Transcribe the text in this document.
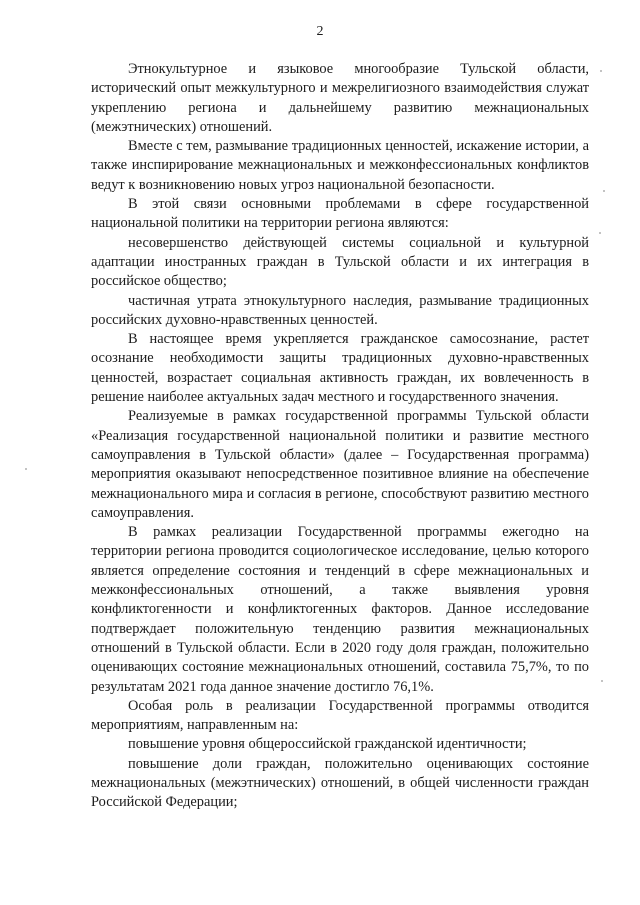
2

Этнокультурное и языковое многообразие Тульской области, исторический опыт межкультурного и межрелигиозного взаимодействия служат укреплению региона и дальнейшему развитию межнациональных (межэтнических) отношений.

Вместе с тем, размывание традиционных ценностей, искажение истории, а также инспирирование межнациональных и межконфессиональных конфликтов ведут к возникновению новых угроз национальной безопасности.

В этой связи основными проблемами в сфере государственной национальной политики на территории региона являются:

несовершенство действующей системы социальной и культурной адаптации иностранных граждан в Тульской области и их интеграция в российское общество;

частичная утрата этнокультурного наследия, размывание традиционных российских духовно-нравственных ценностей.

В настоящее время укрепляется гражданское самосознание, растет осознание необходимости защиты традиционных духовно-нравственных ценностей, возрастает социальная активность граждан, их вовлеченность в решение наиболее актуальных задач местного и государственного значения.

Реализуемые в рамках государственной программы Тульской области «Реализация государственной национальной политики и развитие местного самоуправления в Тульской области» (далее – Государственная программа) мероприятия оказывают непосредственное позитивное влияние на обеспечение межнационального мира и согласия в регионе, способствуют развитию местного самоуправления.

В рамках реализации Государственной программы ежегодно на территории региона проводится социологическое исследование, целью которого является определение состояния и тенденций в сфере межнациональных и межконфессиональных отношений, а также выявления уровня конфликтогенности и конфликтогенных факторов. Данное исследование подтверждает положительную тенденцию развития межнациональных отношений в Тульской области. Если в 2020 году доля граждан, положительно оценивающих состояние межнациональных отношений, составила 75,7%, то по результатам 2021 года данное значение достигло 76,1%.

Особая роль в реализации Государственной программы отводится мероприятиям, направленным на:

повышение уровня общероссийской гражданской идентичности;

повышение доли граждан, положительно оценивающих состояние межнациональных (межэтнических) отношений, в общей численности граждан Российской Федерации;
